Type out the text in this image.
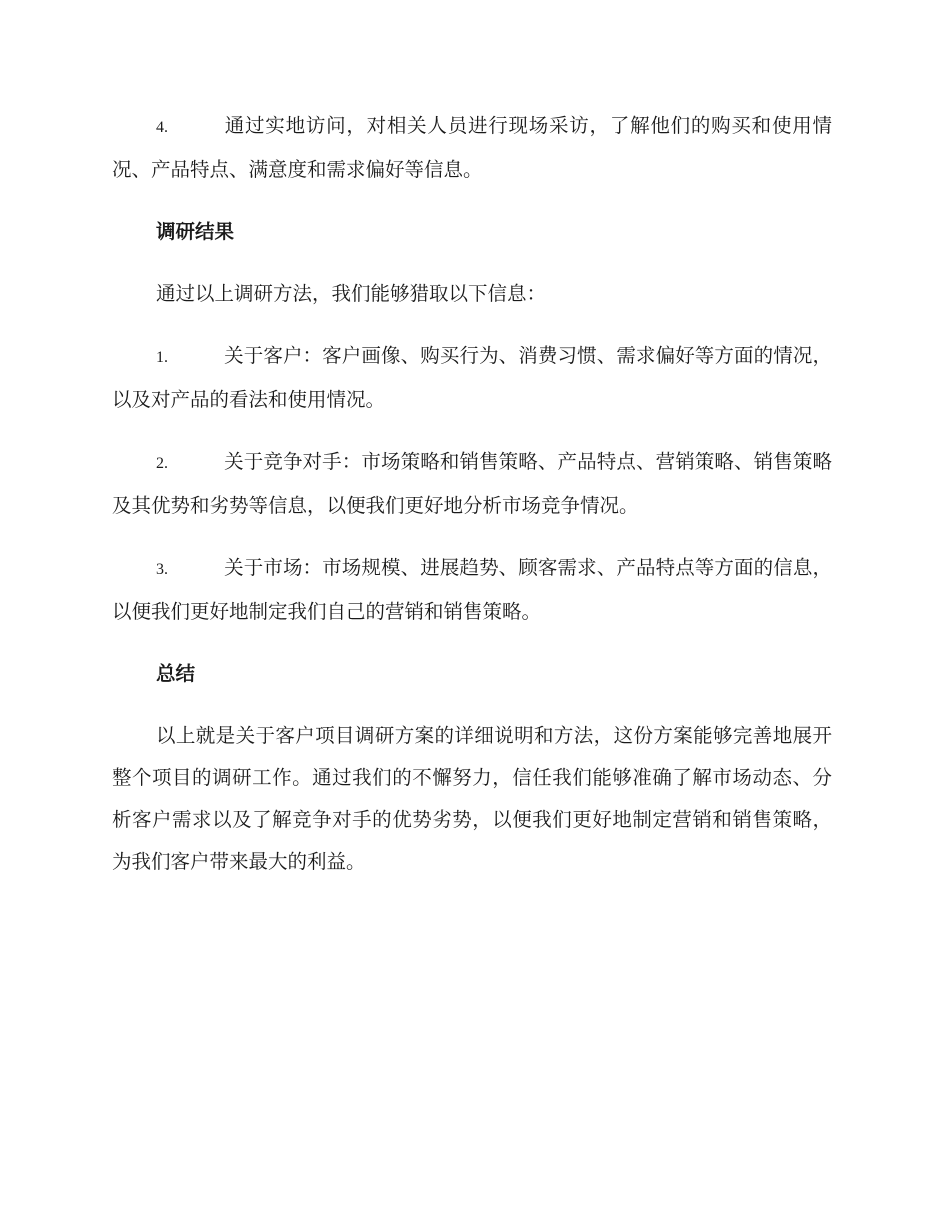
4.	通过实地访问，对相关人员进行现场采访，了解他们的购买和使用情况、产品特点、满意度和需求偏好等信息。

调研结果

通过以上调研方法，我们能够猎取以下信息：

1.	关于客户：客户画像、购买行为、消费习惯、需求偏好等方面的情况，以及对产品的看法和使用情况。

2.	关于竞争对手：市场策略和销售策略、产品特点、营销策略、销售策略及其优势和劣势等信息，以便我们更好地分析市场竞争情况。

3.	关于市场：市场规模、进展趋势、顾客需求、产品特点等方面的信息，以便我们更好地制定我们自己的营销和销售策略。

总结

以上就是关于客户项目调研方案的详细说明和方法，这份方案能够完善地展开整个项目的调研工作。通过我们的不懈努力，信任我们能够准确了解市场动态、分析客户需求以及了解竞争对手的优势劣势，以便我们更好地制定营销和销售策略，为我们客户带来最大的利益。
